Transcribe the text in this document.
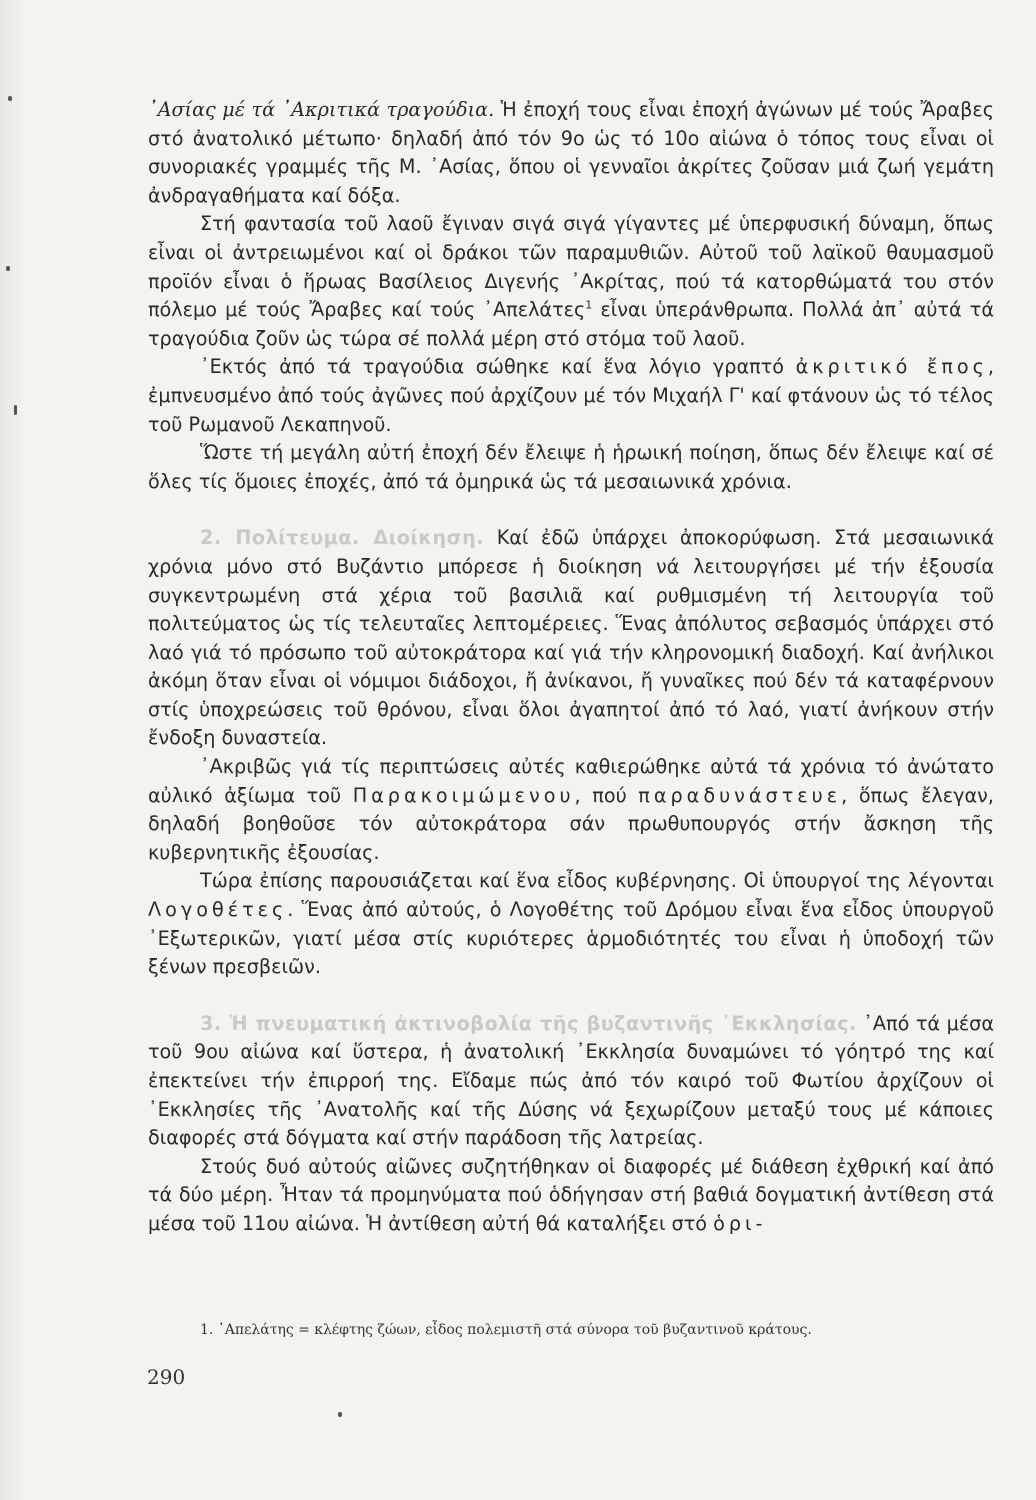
᾿Ασίας μέ τά ᾿Ακριτικά τραγούδια. Ἡ ἐποχή τους εἶναι ἐποχή ἀγώνων μέ τούς Ἄραβες στό ἀνατολικό μέτωπο· δηλαδή ἀπό τόν 9ο ὡς τό 10ο αἰώνα ὁ τόπος τους εἶναι οἱ συνοριακές γραμμές τῆς Μ. ᾿Ασίας, ὅπου οἱ γενναῖοι ἀκρίτες ζοῦσαν μιά ζωή γεμάτη ἀνδραγαθήματα καί δόξα.

Στή φαντασία τοῦ λαοῦ ἔγιναν σιγά σιγά γίγαντες μέ ὑπερφυσική δύναμη, ὅπως εἶναι οἱ ἀντρειωμένοι καί οἱ δράκοι τῶν παραμυθιῶν. Αὐτοῦ τοῦ λαϊκοῦ θαυμασμοῦ προϊόν εἶναι ὁ ἥρωας Βασίλειος Διγενής ᾿Ακρίτας, πού τά κατορθώματά του στόν πόλεμο μέ τούς Ἄραβες καί τούς ᾿Απελάτες$^1$ εἶναι ὑπεράνθρωπα. Πολλά ἀπ᾿ αὐτά τά τραγούδια ζοῦν ὡς τώρα σέ πολλά μέρη στό στόμα τοῦ λαοῦ.

᾿Εκτός ἀπό τά τραγούδια σώθηκε καί ἕνα λόγιο γραπτό ἀκριτικό ἔπος, ἐμπνευσμένο ἀπό τούς ἀγῶνες πού ἀρχίζουν μέ τόν Μιχαήλ Γ' καί φτάνουν ὡς τό τέλος τοῦ Ρωμανοῦ Λεκαπηνοῦ.

Ὥστε τή μεγάλη αὐτή ἐποχή δέν ἔλειψε ἡ ἡρωική ποίηση, ὅπως δέν ἔλειψε καί σέ ὅλες τίς ὅμοιες ἐποχές, ἀπό τά ὁμηρικά ὡς τά μεσαιωνικά χρόνια.

2. Πολίτευμα. Διοίκηση. Καί ἐδῶ ὑπάρχει ἀποκορύφωση. Στά μεσαιωνικά χρόνια μόνο στό Βυζάντιο μπόρεσε ἡ διοίκηση νά λειτουργήσει μέ τήν ἐξουσία συγκεντρωμένη στά χέρια τοῦ βασιλιᾶ καί ρυθμισμένη τή λειτουργία τοῦ πολιτεύματος ὡς τίς τελευταῖες λεπτομέρειες. Ἕνας ἀπόλυτος σεβασμός ὑπάρχει στό λαό γιά τό πρόσωπο τοῦ αὐτοκράτορα καί γιά τήν κληρονομική διαδοχή. Καί ἀνήλικοι ἀκόμη ὅταν εἶναι οἱ νόμιμοι διάδοχοι, ἤ ἀνίκανοι, ἤ γυναῖκες πού δέν τά καταφέρνουν στίς ὑποχρεώσεις τοῦ θρόνου, εἶναι ὅλοι ἀγαπητοί ἀπό τό λαό, γιατί ἀνήκουν στήν ἔνδοξη δυναστεία.

᾿Ακριβῶς γιά τίς περιπτώσεις αὐτές καθιερώθηκε αὐτά τά χρόνια τό ἀνώτατο αὐλικό ἀξίωμα τοῦ Παρακοιμώμενου, πού παραδυνάστευε, ὅπως ἔλεγαν, δηλαδή βοηθοῦσε τόν αὐτοκράτορα σάν πρωθυπουργός στήν ἄσκηση τῆς κυβερνητικῆς ἐξουσίας.

Τώρα ἐπίσης παρουσιάζεται καί ἕνα εἶδος κυβέρνησης. Οἱ ὑπουργοί της λέγονται Λογοθέτες. Ἕνας ἀπό αὐτούς, ὁ Λογοθέτης τοῦ Δρόμου εἶναι ἕνα εἶδος ὑπουργοῦ ᾿Εξωτερικῶν, γιατί μέσα στίς κυριότερες ἁρμοδιότητές του εἶναι ἡ ὑποδοχή τῶν ξένων πρεσβειῶν.

3. Ἡ πνευματική ἀκτινοβολία τῆς βυζαντινῆς ᾿Εκκλησίας. ᾿Από τά μέσα τοῦ 9ου αἰώνα καί ὕστερα, ἡ ἀνατολική ᾿Εκκλησία δυναμώνει τό γόητρό της καί ἐπεκτείνει τήν ἐπιρροή της. Εἴδαμε πώς ἀπό τόν καιρό τοῦ Φωτίου ἀρχίζουν οἱ ᾿Εκκλησίες τῆς ᾿Ανατολῆς καί τῆς Δύσης νά ξεχωρίζουν μεταξύ τους μέ κάποιες διαφορές στά δόγματα καί στήν παράδοση τῆς λατρείας.

Στούς δυό αὐτούς αἰῶνες συζητήθηκαν οἱ διαφορές μέ διάθεση ἐχθρική καί ἀπό τά δύο μέρη. Ἦταν τά προμηνύματα πού ὁδήγησαν στή βαθιά δογματική ἀντίθεση στά μέσα τοῦ 11ου αἰώνα. Ἡ ἀντίθεση αὐτή θά καταλήξει στό ὁρι-

1. ᾿Απελάτης = κλέφτης ζώων, εἶδος πολεμιστῆ στά σύνορα τοῦ βυζαντινοῦ κράτους.
290
